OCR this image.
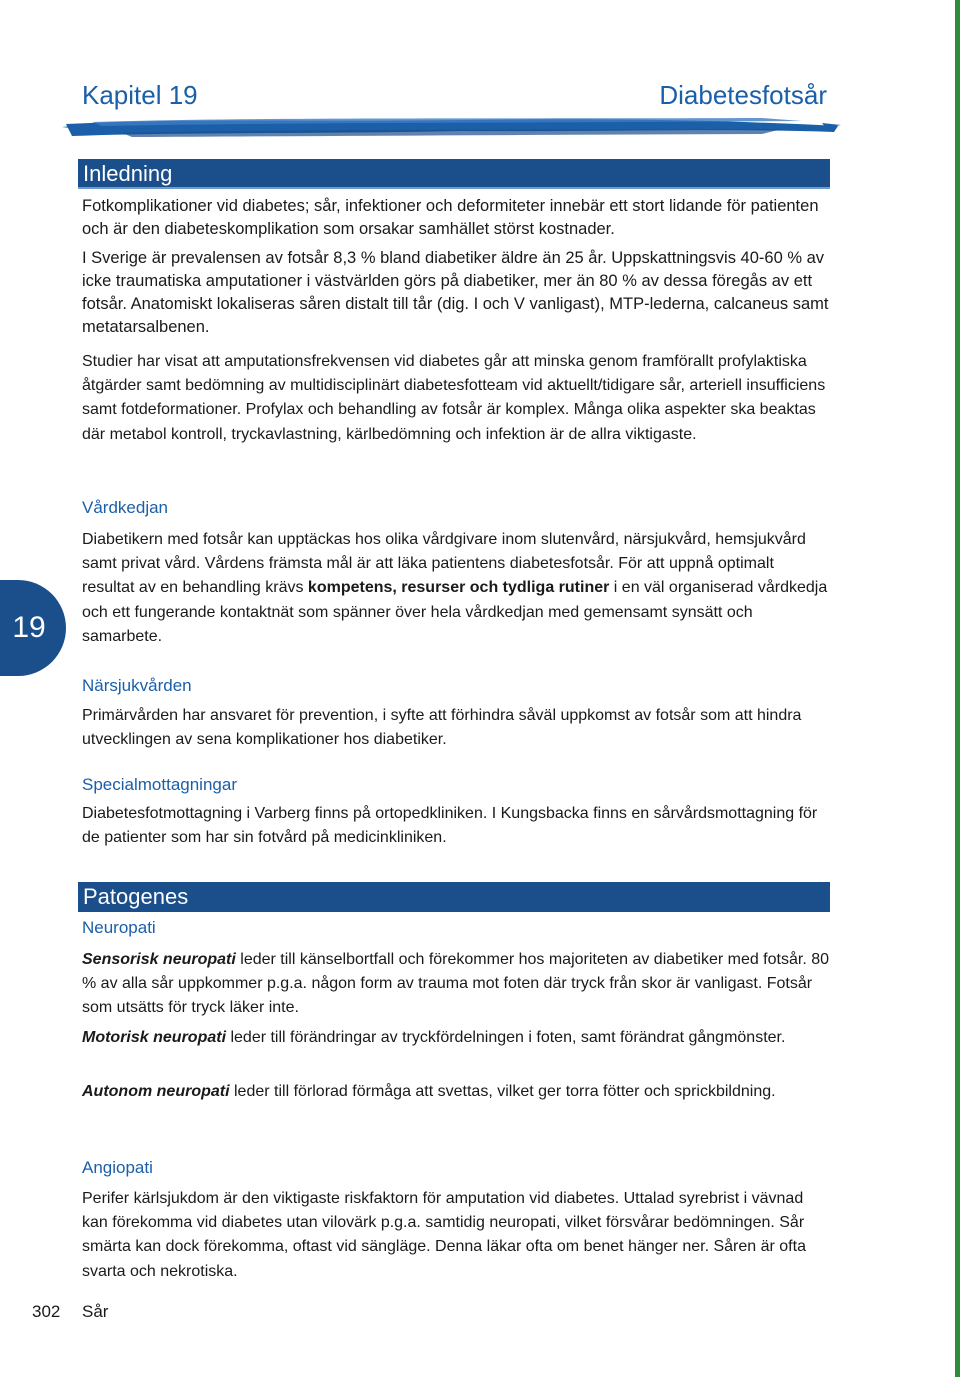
Kapitel 19	Diabetesfotsår
Inledning

Fotkomplikationer vid diabetes; sår, infektioner och deformiteter innebär ett stort lidande för patienten och är den diabeteskomplikation som orsakar samhället störst kostnader.

I Sverige är prevalensen av fotsår 8,3 % bland diabetiker äldre än 25 år. Uppskattningsvis 40-60 % av icke traumatiska amputationer i västvärlden görs på diabetiker, mer än 80 % av dessa föregås av ett fotsår. Anatomiskt lokaliseras såren distalt till tår (dig. I och V vanligast), MTP-lederna, calcaneus samt metatarsalbenen.

Studier har visat att amputationsfrekvensen vid diabetes går att minska genom framförallt profylaktiska åtgärder samt bedömning av multidisciplinärt diabetesfotteam vid aktuellt/tidigare sår, arteriell insufficiens samt fotdeformationer. Profylax och behandling av fotsår är komplex. Många olika aspekter ska beaktas där metabol kontroll, tryckavlastning, kärlbedömning och infektion är de allra viktigaste.
Vårdkedjan
Diabetikern med fotsår kan upptäckas hos olika vårdgivare inom slutenvård, närsjukvård, hemsjukvård samt privat vård. Vårdens främsta mål är att läka patientens diabetesfotsår. För att uppnå optimalt resultat av en behandling krävs kompetens, resurser och tydliga rutiner i en väl organiserad vårdkedja och ett fungerande kontaktnät som spänner över hela vårdkedjan med gemensamt synsätt och samarbete.
19
Närsjukvården
Primärvården har ansvaret för prevention, i syfte att förhindra såväl uppkomst av fotsår som att hindra utvecklingen av sena komplikationer hos diabetiker.
Specialmottagningar
Diabetesfotmottagning i Varberg finns på ortopedkliniken. I Kungsbacka finns en sårvårdsmottagning för de patienter som har sin fotvård på medicinkliniken.
Patogenes
Neuropati
Sensorisk neuropati leder till känselbortfall och förekommer hos majoriteten av diabetiker med fotsår. 80 % av alla sår uppkommer p.g.a. någon form av trauma mot foten där tryck från skor är vanligast. Fotsår som utsätts för tryck läker inte.
Motorisk neuropati leder till förändringar av tryckfördelningen i foten, samt förändrat gångmönster.
Autonom neuropati leder till förlorad förmåga att svettas, vilket ger torra fötter och sprickbildning.
Angiopati
Perifer kärlsjukdom är den viktigaste riskfaktorn för amputation vid diabetes. Uttalad syrebrist i vävnad kan förekomma vid diabetes utan vilovärk p.g.a. samtidig neuropati, vilket försvårar bedömningen. Sår smärta kan dock förekomma, oftast vid sängläge. Denna läkar ofta om benet hänger ner. Såren är ofta svarta och nekrotiska.
302 Sår
